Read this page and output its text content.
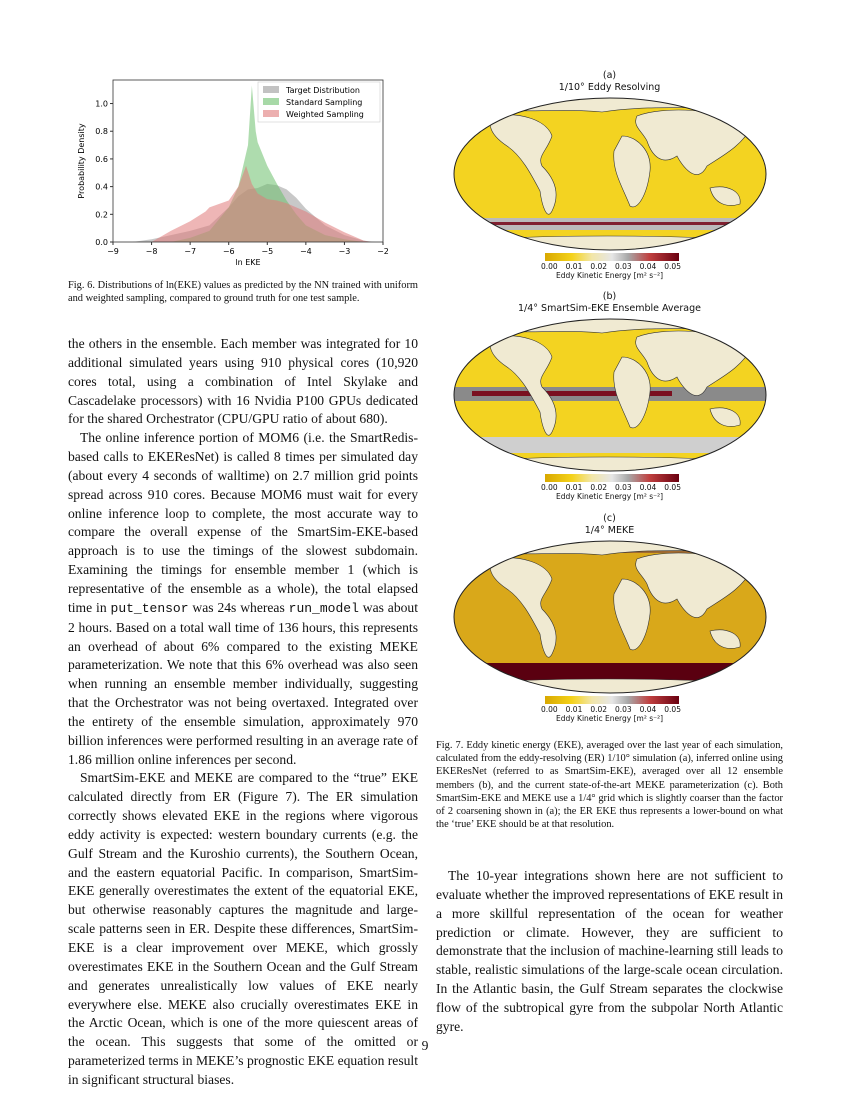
−9	−8	−7	−6	−5	−4	−3	−2
0.0
0.2
0.4
0.6
0.8
1.0
ln EKE
Probability Density
Target Distribution
Standard Sampling
Weighted Sampling
Fig. 6. Distributions of ln(EKE) values as predicted by the NN trained with uniform and weighted sampling, compared to ground truth for one test sample.

the others in the ensemble. Each member was integrated for 10 additional simulated years using 910 physical cores (10,920 cores total, using a combination of Intel Skylake and Cascadelake processors) with 16 Nvidia P100 GPUs dedicated for the shared Orchestrator (CPU/GPU ratio of about 680).

The online inference portion of MOM6 (i.e. the SmartRedis-based calls to EKEResNet) is called 8 times per simulated day (about every 4 seconds of walltime) on 2.7 million grid points spread across 910 cores. Because MOM6 must wait for every online inference loop to complete, the most accurate way to compare the overall expense of the SmartSim-EKE-based approach is to use the timings of the slowest subdomain. Examining the timings for ensemble member 1 (which is representative of the ensemble as a whole), the total elapsed time in put_tensor was 24s whereas run_model was about 2 hours. Based on a total wall time of 136 hours, this represents an overhead of about 6% compared to the existing MEKE parameterization. We note that this 6% overhead was also seen when running an ensemble member individually, suggesting that the Orchestrator was not being overtaxed. Integrated over the entirety of the ensemble simulation, approximately 970 billion inferences were performed resulting in an average rate of 1.86 million online inferences per second.

SmartSim-EKE and MEKE are compared to the “true” EKE calculated directly from ER (Figure 7). The ER simulation correctly shows elevated EKE in the regions where vigorous eddy activity is expected: western boundary currents (e.g. the Gulf Stream and the Kuroshio currents), the Southern Ocean, and the eastern equatorial Pacific. In comparison, SmartSim-EKE generally overestimates the extent of the equatorial EKE, but otherwise reasonably captures the magnitude and large-scale patterns seen in ER. Despite these differences, SmartSim-EKE is a clear improvement over MEKE, which grossly overestimates EKE in the Southern Ocean and the Gulf Stream and generates unrealistically low values of EKE nearly everywhere else. MEKE also crucially overestimates EKE in the Arctic Ocean, which is one of the more quiescent areas of the ocean. This suggests that some of the omitted or parameterized terms in MEKE’s prognostic EKE equation result in significant structural biases.

(a)
1/10° Eddy Resolving
0.00 0.01 0.02 0.03 0.04 0.05
Eddy Kinetic Energy [m² s⁻²]
(b)
1/4° SmartSim-EKE Ensemble Average
0.00 0.01 0.02 0.03 0.04 0.05
Eddy Kinetic Energy [m² s⁻²]
(c)
1/4° MEKE
0.00 0.01 0.02 0.03 0.04 0.05
Eddy Kinetic Energy [m² s⁻²]
Fig. 7. Eddy kinetic energy (EKE), averaged over the last year of each simulation, calculated from the eddy-resolving (ER) 1/10° simulation (a), inferred online using EKEResNet (referred to as SmartSim-EKE), averaged over all 12 ensemble members (b), and the current state-of-the-art MEKE parameterization (c). Both SmartSim-EKE and MEKE use a 1/4° grid which is slightly coarser than the factor of 2 coarsening shown in (a); the ER EKE thus represents a lower-bound on what the ‘true’ EKE should be at that resolution.

The 10-year integrations shown here are not sufficient to evaluate whether the improved representations of EKE result in a more skillful representation of the ocean for weather prediction or climate. However, they are sufficient to demonstrate that the inclusion of machine-learning still leads to stable, realistic simulations of the large-scale ocean circulation. In the Atlantic basin, the Gulf Stream separates the clockwise flow of the subtropical gyre from the subpolar North Atlantic gyre.

9
